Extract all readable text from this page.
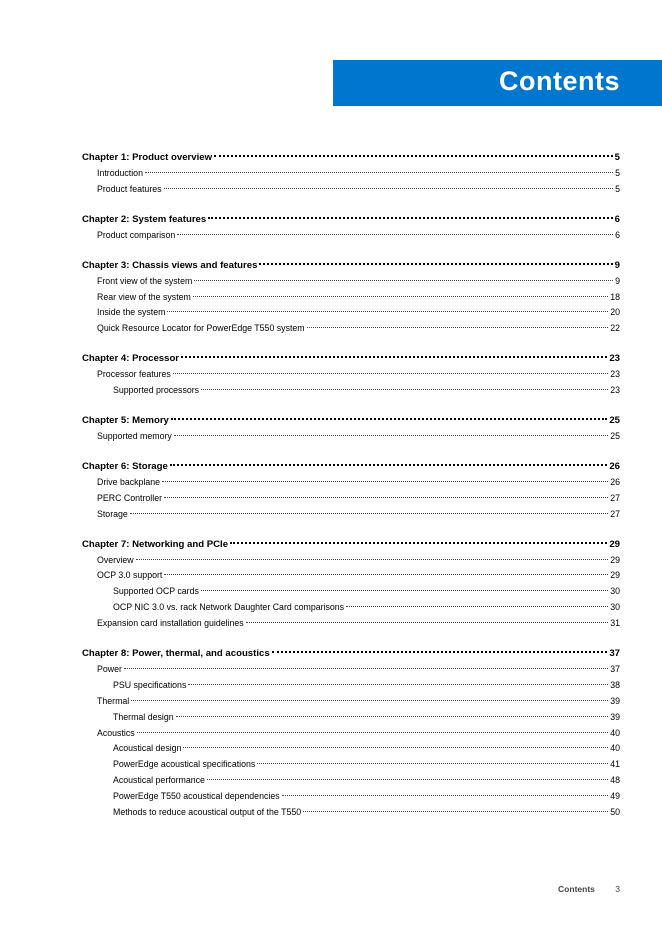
Contents
Chapter 1: Product overview	5
Introduction	5
Product features	5
Chapter 2: System features	6
Product comparison	6
Chapter 3: Chassis views and features	9
Front view of the system	9
Rear view of the system	18
Inside the system	20
Quick Resource Locator for PowerEdge T550 system	22
Chapter 4: Processor	23
Processor features	23
Supported processors	23
Chapter 5: Memory	25
Supported memory	25
Chapter 6: Storage	26
Drive backplane	26
PERC Controller	27
Storage	27
Chapter 7: Networking and PCIe	29
Overview	29
OCP 3.0 support	29
Supported OCP cards	30
OCP NIC 3.0 vs. rack Network Daughter Card comparisons	30
Expansion card installation guidelines	31
Chapter 8: Power, thermal, and acoustics	37
Power	37
PSU specifications	38
Thermal	39
Thermal design	39
Acoustics	40
Acoustical design	40
PowerEdge acoustical specifications	41
Acoustical performance	48
PowerEdge T550 acoustical dependencies	49
Methods to reduce acoustical output of the T550	50
Contents 3
